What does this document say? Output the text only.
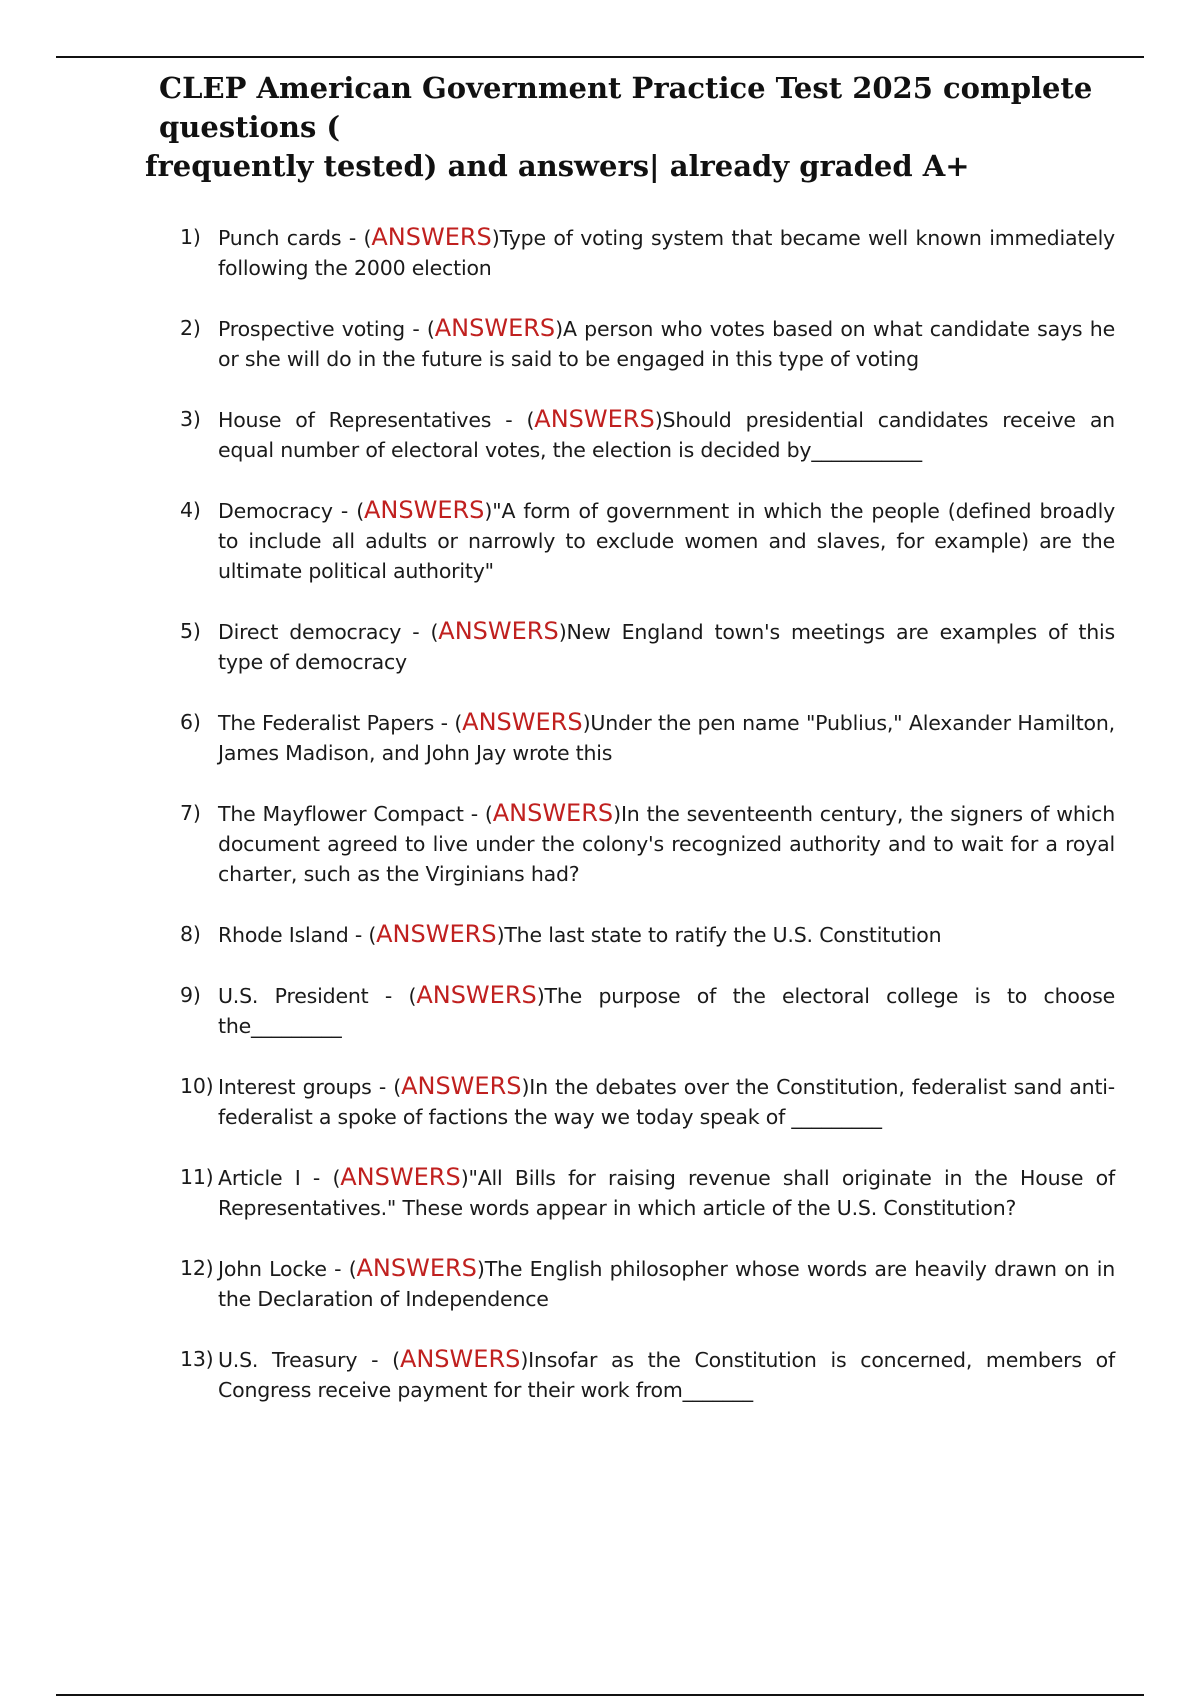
CLEP American Government Practice Test 2025 complete questions (
frequently tested) and answers| already graded A+
1) Punch cards - (ANSWERS)Type of voting system that became well known immediately following the 2000 election
2) Prospective voting - (ANSWERS)A person who votes based on what candidate says he or she will do in the future is said to be engaged in this type of voting
3) House of Representatives - (ANSWERS)Should presidential candidates receive an equal number of electoral votes, the election is decided by___________
4) Democracy - (ANSWERS)"A form of government in which the people (defined broadly to include all adults or narrowly to exclude women and slaves, for example) are the ultimate political authority"
5) Direct democracy - (ANSWERS)New England town's meetings are examples of this type of democracy
6) The Federalist Papers - (ANSWERS)Under the pen name "Publius," Alexander Hamilton, James Madison, and John Jay wrote this
7) The Mayflower Compact - (ANSWERS)In the seventeenth century, the signers of which document agreed to live under the colony's recognized authority and to wait for a royal charter, such as the Virginians had?
8) Rhode Island - (ANSWERS)The last state to ratify the U.S. Constitution
9) U.S. President - (ANSWERS)The purpose of the electoral college is to choose the_________
10) Interest groups - (ANSWERS)In the debates over the Constitution, federalist sand anti-federalist a spoke of factions the way we today speak of _________
11) Article I - (ANSWERS)"All Bills for raising revenue shall originate in the House of Representatives." These words appear in which article of the U.S. Constitution?
12) John Locke - (ANSWERS)The English philosopher whose words are heavily drawn on in the Declaration of Independence
13) U.S. Treasury - (ANSWERS)Insofar as the Constitution is concerned, members of Congress receive payment for their work from_______
